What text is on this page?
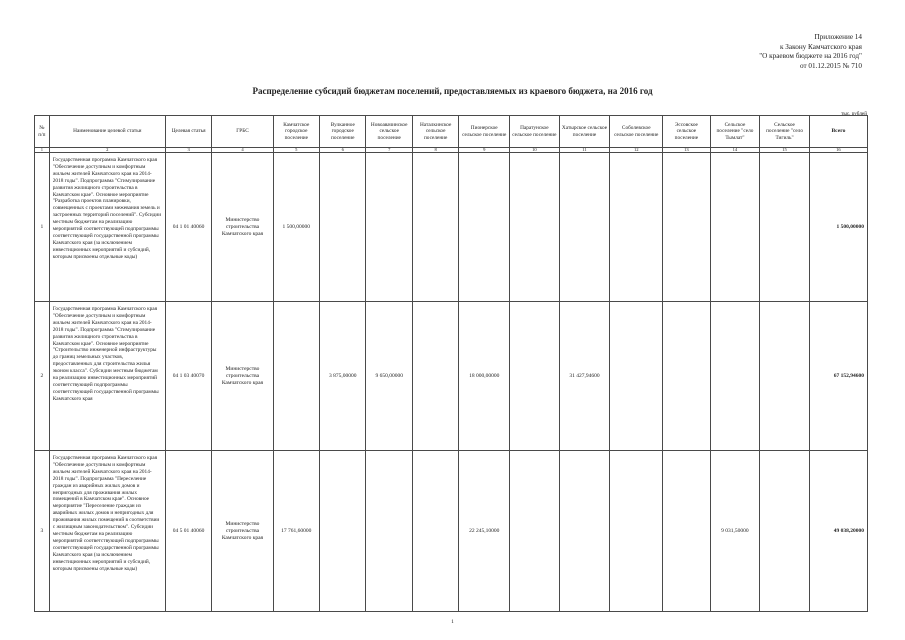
Приложение 14
к Закону Камчатского края
"О краевом бюджете на 2016 год"
от 01.12.2015 № 710
Распределение субсидий бюджетам поселений, предоставляемых из краевого бюджета, на 2016 год
тыс. рублей
№ п/п	Наименование целевой статьи	Целевая статья	ГРБС	Камчатское городское поселение	Вулканное городское поселение	Новоавачинское сельское поселение	Наталкинское сельское поселение	Пионерское сельское поселение	Паратунское сельское поселение	Хатырское сельское поселение	Соболевское сельское поселение	Эссовское сельское поселение	Сельское поселение "село Тымлат"	Сельское поселение "село Тигиль"	Всего
1	2	3	4	5	6	7	8	9	10	11	12	13	14	15	16
1	Государственная программа Камчатского края "Обеспечение доступным и комфортным жильем жителей Камчатского края на 2014-2018 годы". Подпрограмма "Стимулирование развития жилищного строительства в Камчатском крае". Основное мероприятие "Разработка проектов планировки, совмещенных с проектами межевания земель и застроенных территорий поселений". Субсидии местным бюджетам на реализацию мероприятий соответствующей подпрограммы соответствующей государственной программы Камчатского края (за исключением инвестиционных мероприятий и субсидий, которым присвоены отдельные коды)	04 1 01 40060	Министерство строительства Камчатского края	1 500,00000											1 500,00000
2	Государственная программа Камчатского края "Обеспечение доступным и комфортным жильем жителей Камчатского края на 2014-2018 годы". Подпрограмма "Стимулирование развития жилищного строительства в Камчатском крае". Основное мероприятие "Строительство инженерной инфраструктуры до границ земельных участков, предоставленных для строительства жилья эконом класса". Субсидии местным бюджетам на реализацию инвестиционных мероприятий соответствующей подпрограммы соответствующей государственной программы Камчатского края	04 1 03 40070	Министерство строительства Камчатского края		3 875,00000	9 650,00000		18 000,00000		31 427,94600					67 152,94600
3	Государственная программа Камчатского края "Обеспечение доступным и комфортным жильем жителей Камчатского края на 2014-2018 годы". Подпрограмма "Переселение граждан из аварийных жилых домов и непригодных для проживания жилых помещений в Камчатском крае". Основное мероприятие "Переселение граждан из аварийных жилых домов и непригодных для проживания жилых помещений в соответствии с жилищным законодательством". Субсидии местным бюджетам на реализацию мероприятий соответствующей подпрограммы соответствующей государственной программы Камчатского края (за исключением инвестиционных мероприятий и субсидий, которым присвоены отдельные коды)	04 5 01 40060	Министерство строительства Камчатского края	17 761,60000				22 245,10000					9 031,50000		49 038,20000
1
